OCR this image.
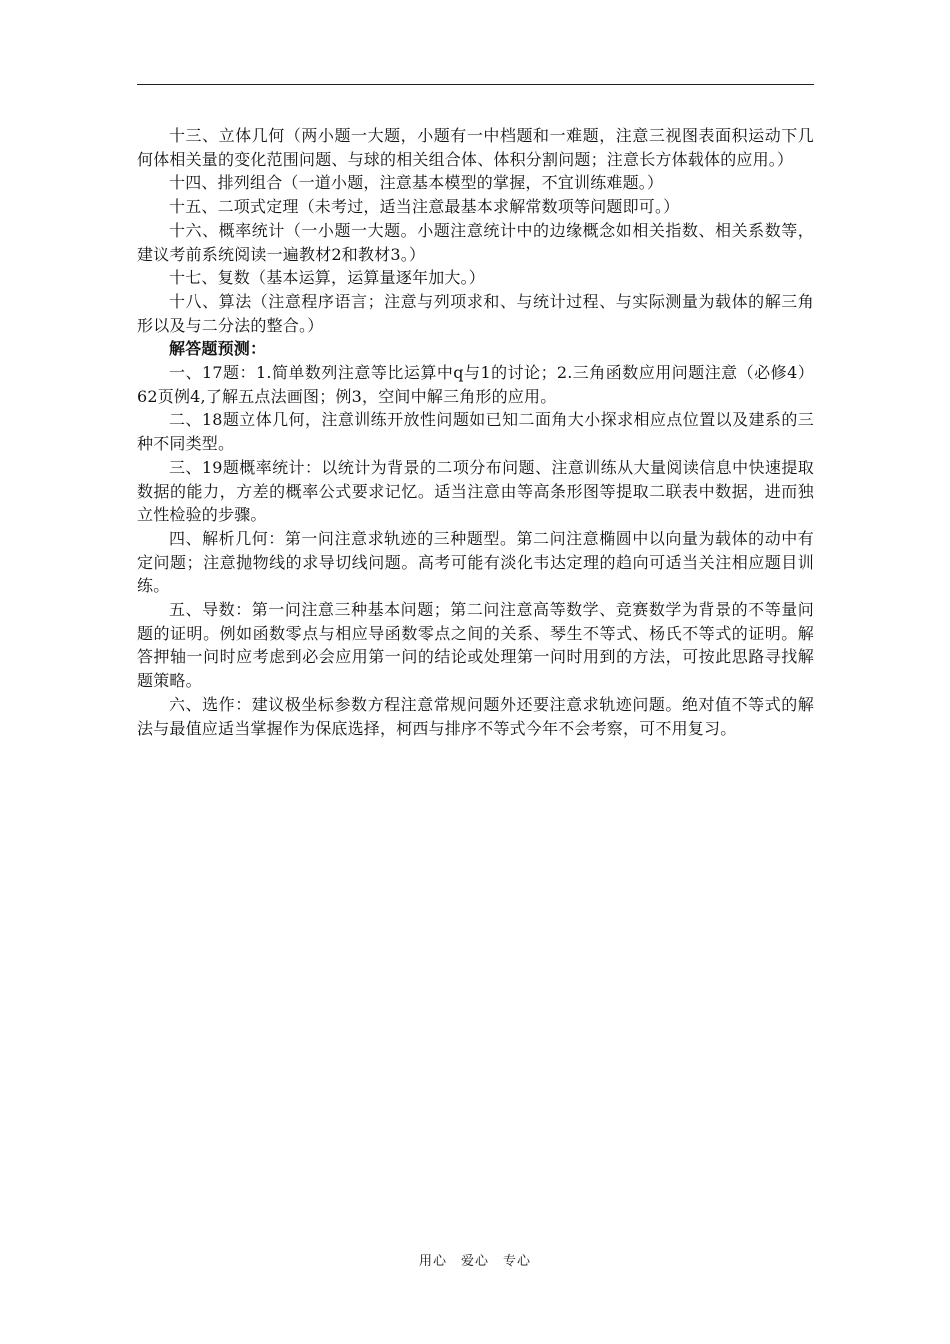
十三、立体几何（两小题一大题，小题有一中档题和一难题，注意三视图表面积运动下几何体相关量的变化范围问题、与球的相关组合体、体积分割问题；注意长方体载体的应用。）

十四、排列组合（一道小题，注意基本模型的掌握，不宜训练难题。）

十五、二项式定理（未考过，适当注意最基本求解常数项等问题即可。）

十六、概率统计（一小题一大题。小题注意统计中的边缘概念如相关指数、相关系数等，建议考前系统阅读一遍教材2和教材3。）

十七、复数（基本运算，运算量逐年加大。）

十八、算法（注意程序语言；注意与列项求和、与统计过程、与实际测量为载体的解三角形以及与二分法的整合。）

解答题预测：

一、17题：1.简单数列注意等比运算中q与1的讨论；2.三角函数应用问题注意（必修4）62页例4,了解五点法画图；例3，空间中解三角形的应用。

二、18题立体几何，注意训练开放性问题如已知二面角大小探求相应点位置以及建系的三种不同类型。

三、19题概率统计：以统计为背景的二项分布问题、注意训练从大量阅读信息中快速提取数据的能力，方差的概率公式要求记忆。适当注意由等高条形图等提取二联表中数据，进而独立性检验的步骤。

四、解析几何：第一问注意求轨迹的三种题型。第二问注意椭圆中以向量为载体的动中有定问题；注意抛物线的求导切线问题。高考可能有淡化韦达定理的趋向可适当关注相应题目训练。

五、导数：第一问注意三种基本问题；第二问注意高等数学、竞赛数学为背景的不等量问题的证明。例如函数零点与相应导函数零点之间的关系、琴生不等式、杨氏不等式的证明。解答押轴一问时应考虑到必会应用第一问的结论或处理第一问时用到的方法，可按此思路寻找解题策略。

六、选作：建议极坐标参数方程注意常规问题外还要注意求轨迹问题。绝对值不等式的解法与最值应适当掌握作为保底选择，柯西与排序不等式今年不会考察，可不用复习。

用心　爱心　专心
